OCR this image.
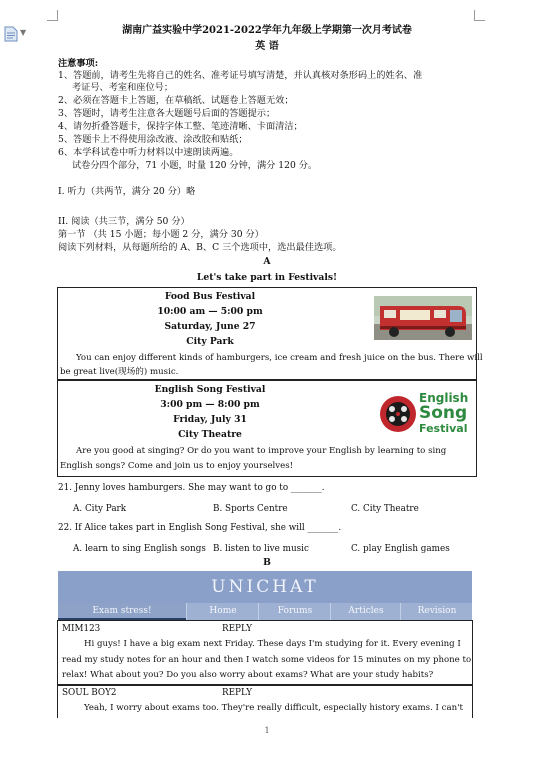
▼	湖南广益实验中学2021-2022学年九年级上学期第一次月考试卷
英 语
注意事项:
1、答题前，请考生先将自己的姓名、准考证号填写清楚，并认真核对条形码上的姓名、准
考证号、考室和座位号；
2、必须在答题卡上答题，在草稿纸、试题卷上答题无效；
3、答题时，请考生注意各大题题号后面的答题提示；
4、请勿折叠答题卡，保持字体工整、笔迹清晰、卡面清洁；
5、答题卡上不得使用涂改液、涂改胶和贴纸；
6、本学科试卷中听力材料以中速朗读两遍。
试卷分四个部分，71 小题，时量 120 分钟，满分 120 分。
I. 听力（共两节，满分 20 分）略
II. 阅读（共三节，满分 50 分）
第一节 （共 15 小题；每小题 2 分，满分 30 分）
阅读下列材料，从每题所给的 A、B、C 三个选项中，选出最佳选项。
A
Let's take part in Festivals!
Food Bus Festival
10:00 am — 5:00 pm
Saturday, June 27
City Park
You can enjoy different kinds of hamburgers, ice cream and fresh juice on the bus. There will
be great live(现场的) music.
English Song Festival
3:00 pm — 8:00 pm
Friday, July 31
City Theatre
Are you good at singing? Or do you want to improve your English by learning to sing
English songs? Come and join us to enjoy yourselves!
English
Song
Festival
21. Jenny loves hamburgers. She may want to go to _______.
A. City Park	B. Sports Centre	C. City Theatre
22. If Alice takes part in English Song Festival, she will _______.
A. learn to sing English songs B. listen to live music	C. play English games
B
UNICHAT
Exam stress!	Home	Forums	Articles	Revision
MIM123	REPLY
Hi guys! I have a big exam next Friday. These days I'm studying for it. Every evening I
read my study notes for an hour and then I watch some videos for 15 minutes on my phone to
relax! What about you? Do you also worry about exams? What are your study habits?
SOUL BOY2	REPLY
Yeah, I worry about exams too. They're really difficult, especially history exams. I can't
1
